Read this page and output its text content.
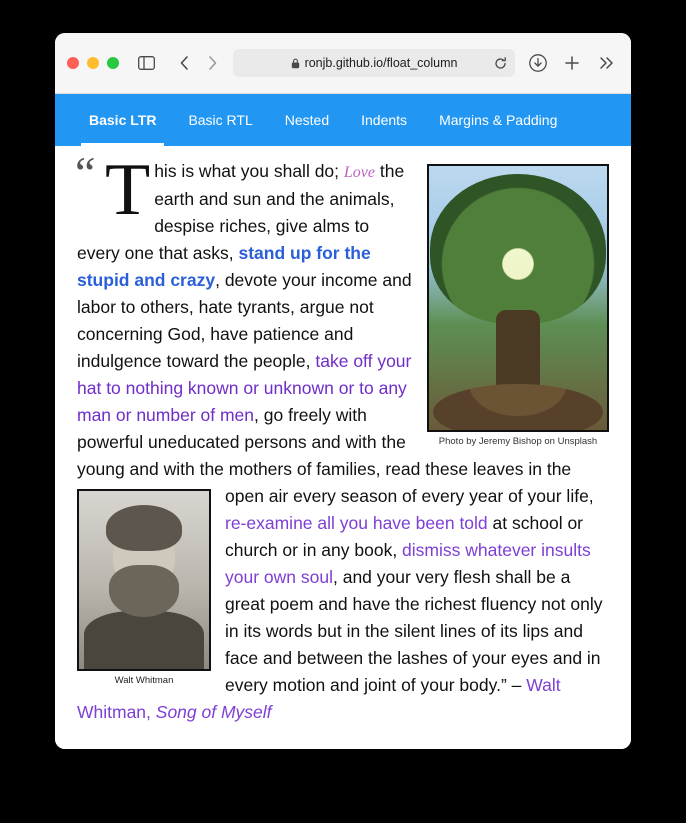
ronjb.github.io/float_column
Basic LTR Basic RTL Nested Indents Margins & Padding
“
Photo by Jeremy Bishop on Unsplash
T his is what you shall do; Love the earth and sun and the animals, despise riches, give alms to every one that asks, stand up for the stupid and crazy, devote your income and labor to others, hate tyrants, argue not concerning God, have patience and indulgence toward the people, take off your hat to nothing known or unknown or to any man or number of men, go freely with powerful uneducated persons and with the young and with the mothers of families, read these leaves in the open air every season of every year of your life,
Walt Whitman
re-examine all you have been told at school or church or in any book, dismiss whatever insults your own soul, and your very flesh shall be a great poem and have the richest fluency not only in its words but in the silent lines of its lips and face and between the lashes of your eyes and in every motion and joint of your body.” – Walt Whitman, Song of Myself
